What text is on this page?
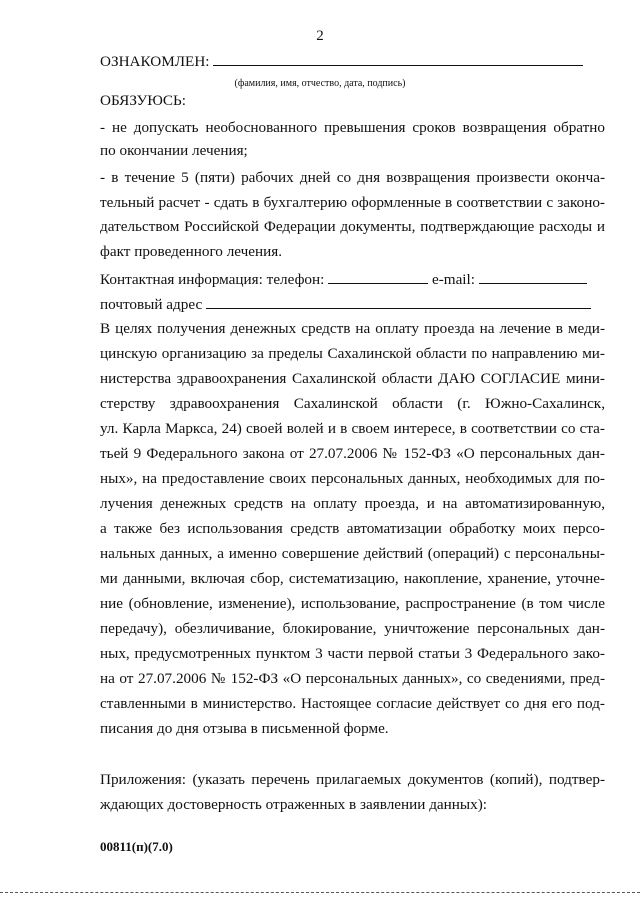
2
ОЗНАКОМЛЕН:
(фамилия, имя, отчество, дата, подпись)
ОБЯЗУЮСЬ:
- не допускать необоснованного превышения сроков возвращения обратно
по окончании лечения;
- в течение 5 (пяти) рабочих дней со дня возвращения произвести оконча-
тельный расчет - сдать в бухгалтерию оформленные в соответствии с законо-
дательством Российской Федерации документы, подтверждающие расходы и
факт проведенного лечения.
Контактная информация: телефон:	e-mail:
почтовый адрес
В целях получения денежных средств на оплату проезда на лечение в меди-
цинскую организацию за пределы Сахалинской области по направлению ми-
нистерства здравоохранения Сахалинской области ДАЮ СОГЛАСИЕ мини-
стерству здравоохранения Сахалинской области (г. Южно-Сахалинск,
ул. Карла Маркса, 24) своей волей и в своем интересе, в соответствии со ста-
тьей 9 Федерального закона от 27.07.2006 № 152-ФЗ «О персональных дан-
ных», на предоставление своих персональных данных, необходимых для по-
лучения денежных средств на оплату проезда, и на автоматизированную,
а также без использования средств автоматизации обработку моих персо-
нальных данных, а именно совершение действий (операций) с персональны-
ми данными, включая сбор, систематизацию, накопление, хранение, уточне-
ние (обновление, изменение), использование, распространение (в том числе
передачу), обезличивание, блокирование, уничтожение персональных дан-
ных, предусмотренных пунктом 3 части первой статьи 3 Федерального зако-
на от 27.07.2006 № 152-ФЗ «О персональных данных», со сведениями, пред-
ставленными в министерство. Настоящее согласие действует со дня его под-
писания до дня отзыва в письменной форме.
Приложения: (указать перечень прилагаемых документов (копий), подтвер-
ждающих достоверность отраженных в заявлении данных):
00811(п)(7.0)
